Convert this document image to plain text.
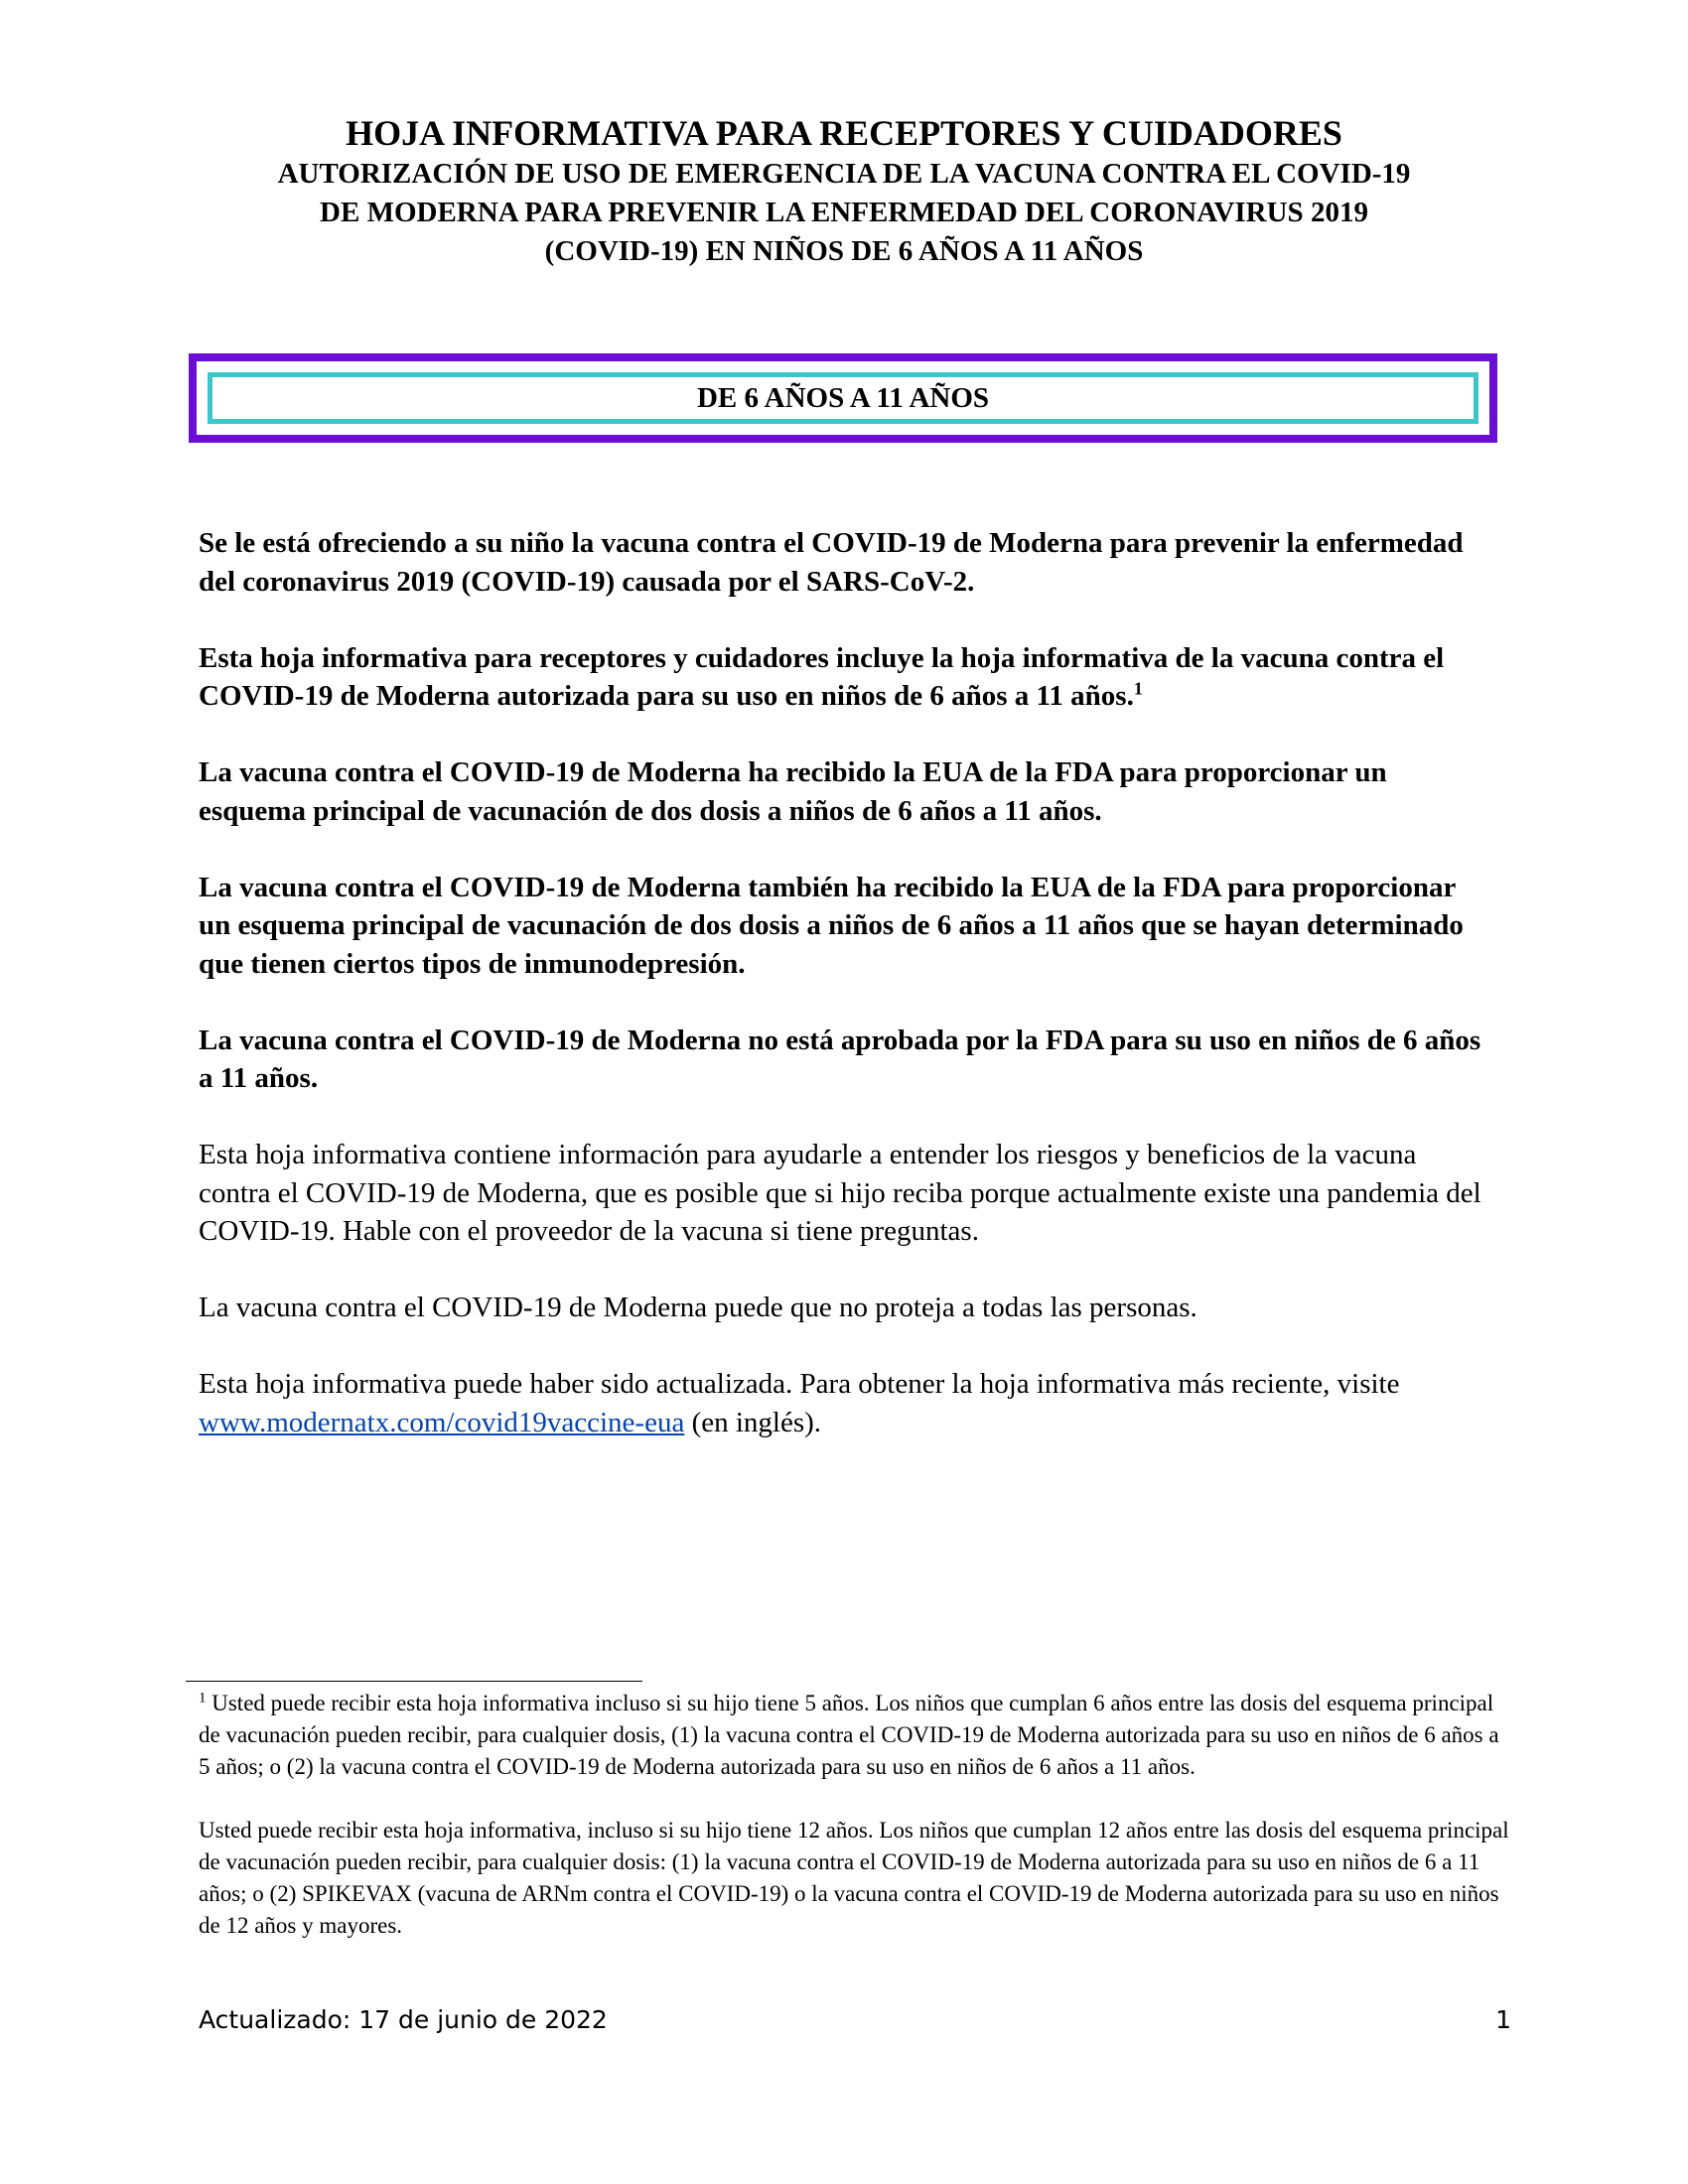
HOJA INFORMATIVA PARA RECEPTORES Y CUIDADORES
AUTORIZACIÓN DE USO DE EMERGENCIA DE LA VACUNA CONTRA EL COVID-19
DE MODERNA PARA PREVENIR LA ENFERMEDAD DEL CORONAVIRUS 2019
(COVID-19) EN NIÑOS DE 6 AÑOS A 11 AÑOS
DE 6 AÑOS A 11 AÑOS

Se le está ofreciendo a su niño la vacuna contra el COVID-19 de Moderna para prevenir la enfermedad del coronavirus 2019 (COVID-19) causada por el SARS-CoV-2.

Esta hoja informativa para receptores y cuidadores incluye la hoja informativa de la vacuna contra el COVID-19 de Moderna autorizada para su uso en niños de 6 años a 11 años.$^1$

La vacuna contra el COVID-19 de Moderna ha recibido la EUA de la FDA para proporcionar un esquema principal de vacunación de dos dosis a niños de 6 años a 11 años.

La vacuna contra el COVID-19 de Moderna también ha recibido la EUA de la FDA para proporcionar un esquema principal de vacunación de dos dosis a niños de 6 años a 11 años que se hayan determinado que tienen ciertos tipos de inmunodepresión.

La vacuna contra el COVID-19 de Moderna no está aprobada por la FDA para su uso en niños de 6 años a 11 años.

Esta hoja informativa contiene información para ayudarle a entender los riesgos y beneficios de la vacuna contra el COVID-19 de Moderna, que es posible que si hijo reciba porque actualmente existe una pandemia del COVID-19. Hable con el proveedor de la vacuna si tiene preguntas.

La vacuna contra el COVID-19 de Moderna puede que no proteja a todas las personas.

Esta hoja informativa puede haber sido actualizada. Para obtener la hoja informativa más reciente, visite www.modernatx.com/covid19vaccine-eua (en inglés).

$^1$ Usted puede recibir esta hoja informativa incluso si su hijo tiene 5 años. Los niños que cumplan 6 años entre las dosis del esquema principal de vacunación pueden recibir, para cualquier dosis, (1) la vacuna contra el COVID-19 de Moderna autorizada para su uso en niños de 6 años a 5 años; o (2) la vacuna contra el COVID-19 de Moderna autorizada para su uso en niños de 6 años a 11 años.

Usted puede recibir esta hoja informativa, incluso si su hijo tiene 12 años. Los niños que cumplan 12 años entre las dosis del esquema principal de vacunación pueden recibir, para cualquier dosis: (1) la vacuna contra el COVID-19 de Moderna autorizada para su uso en niños de 6 a 11 años; o (2) SPIKEVAX (vacuna de ARNm contra el COVID-19) o la vacuna contra el COVID-19 de Moderna autorizada para su uso en niños de 12 años y mayores.

Actualizado: 17 de junio de 2022	1
